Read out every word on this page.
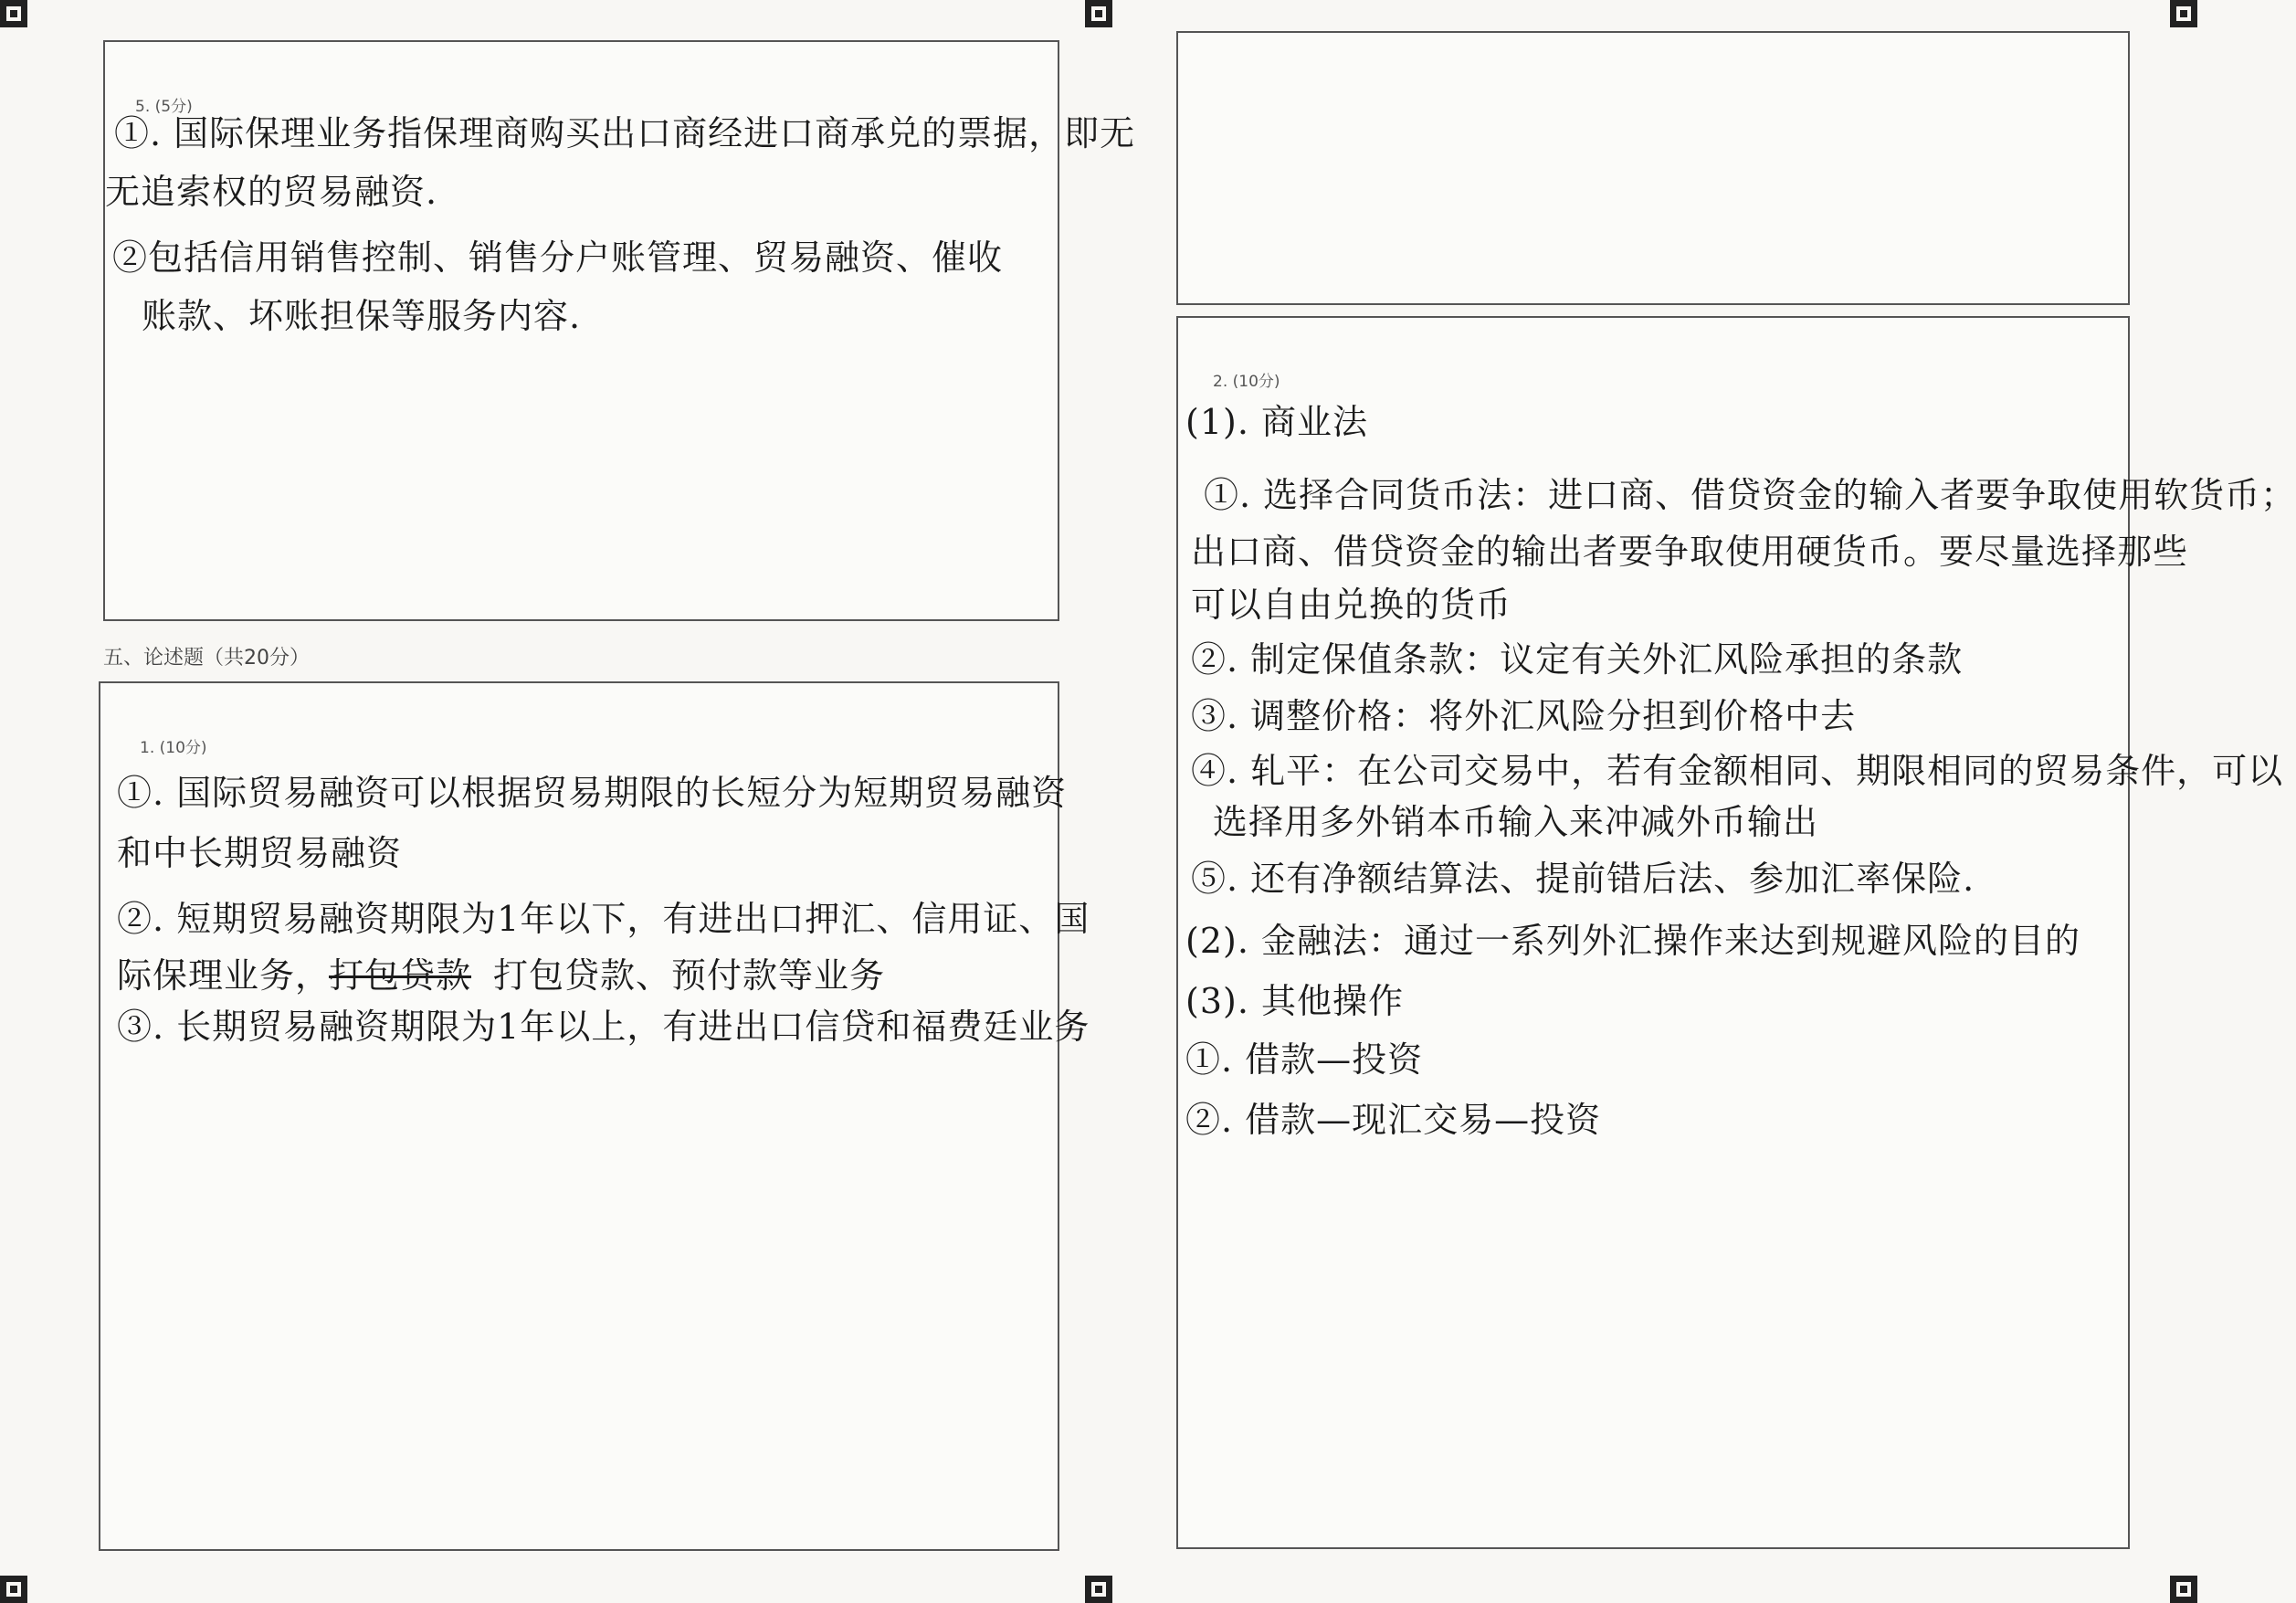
5. (5分)
①. 国际保理业务指保理商购买出口商经进口商承兑的票据，即无
无追索权的贸易融资.
②包括信用销售控制、销售分户账管理、贸易融资、催收
账款、坏账担保等服务内容.
五、论述题（共20分）
1. (10分)
①. 国际贸易融资可以根据贸易期限的长短分为短期贸易融资
和中长期贸易融资
②. 短期贸易融资期限为1年以下，有进出口押汇、信用证、国
际保理业务，
打包贷款 打包贷款、预付款等业务
③. 长期贸易融资期限为1年以上，有进出口信贷和福费廷业务
2. (10分)
(1). 商业法
①. 选择合同货币法：进口商、借贷资金的输入者要争取使用软货币；
出口商、借贷资金的输出者要争取使用硬货币。要尽量选择那些
可以自由兑换的货币
②. 制定保值条款：议定有关外汇风险承担的条款
③. 调整价格：将外汇风险分担到价格中去
④. 轧平：在公司交易中，若有金额相同、期限相同的贸易条件，可以
选择用多外销本币输入来冲减外币输出
⑤. 还有净额结算法、提前错后法、参加汇率保险.
(2). 金融法：通过一系列外汇操作来达到规避风险的目的
(3). 其他操作
①. 借款—投资
②. 借款—现汇交易—投资
